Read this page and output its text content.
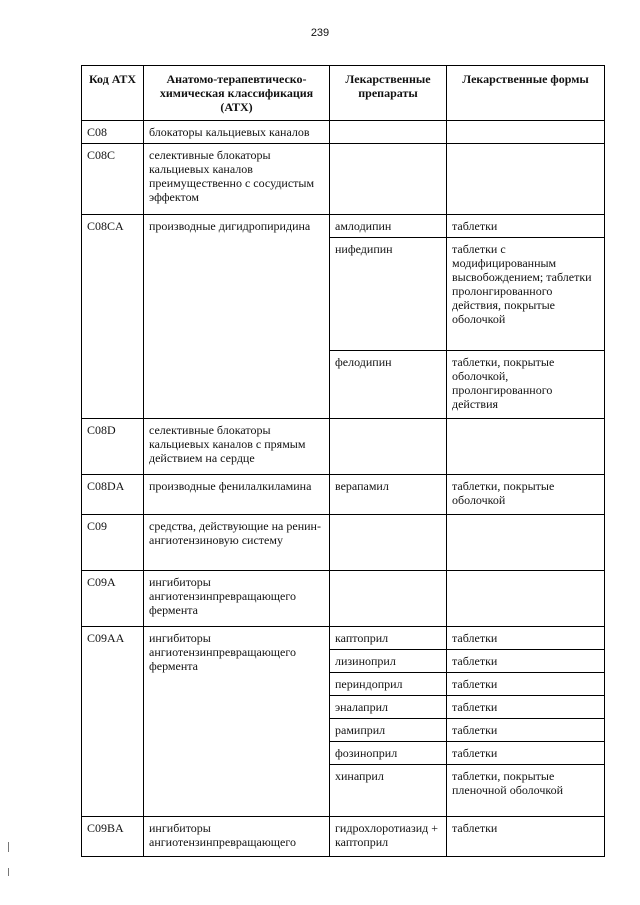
239
Код АТХ	Анатомо-терапевтическо-химическая классификация (АТХ)	Лекарственные препараты	Лекарственные формы
C08	блокаторы кальциевых каналов		
C08C	селективные блокаторы кальциевых каналов преимущественно с сосудистым эффектом		
C08CA	производные дигидропиридина	амлодипин	таблетки
		нифедипин	таблетки с модифицированным высвобождением; таблетки пролонгированного действия, покрытые оболочкой
		фелодипин	таблетки, покрытые оболочкой, пролонгированного действия
C08D	селективные блокаторы кальциевых каналов с прямым действием на сердце		
C08DA	производные фенилалкиламина	верапамил	таблетки, покрытые оболочкой
C09	средства, действующие на ренин-ангиотензиновую систему		
C09A	ингибиторы ангиотензинпревращающего фермента		
C09AA	ингибиторы ангиотензинпревращающего фермента	каптоприл	таблетки
		лизиноприл	таблетки
		периндоприл	таблетки
		эналаприл	таблетки
		рамиприл	таблетки
		фозиноприл	таблетки
		хинаприл	таблетки, покрытые пленочной оболочкой
C09BA	ингибиторы ангиотензинпревращающего	гидрохлоротиазид + каптоприл	таблетки
